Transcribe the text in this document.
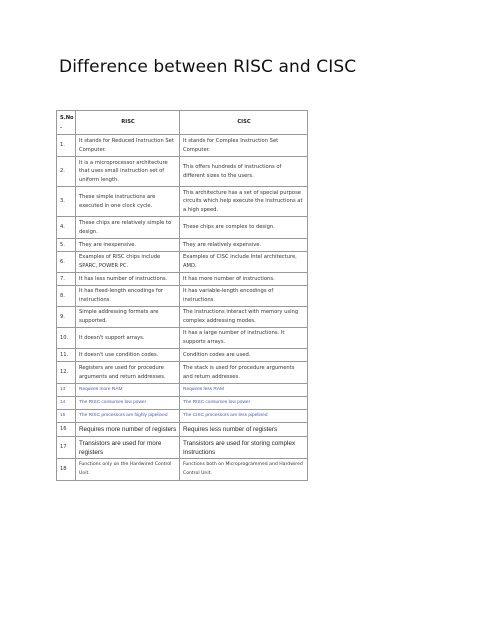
Difference between RISC and CISC
S.No .	RISC	CISC
1.	It stands for Reduced Instruction Set Computer.	It stands for Complex Instruction Set Computer.
2.	It is a microprocessor architecture that uses small instruction set of uniform length.	This offers hundreds of instructions of different sizes to the users.
3.	These simple instructions are executed in one clock cycle.	This architecture has a set of special purpose circuits which help execute the instructions at a high speed.
4.	These chips are relatively simple to design.	These chips are complex to design.
5.	They are inexpensive.	They are relatively expensive.
6.	Examples of RISC chips include SPARC, POWER PC.	Examples of CISC include Intel architecture, AMD.
7.	It has less number of instructions.	It has more number of instructions.
8.	It has fixed-length encodings for instructions.	It has variable-length encodings of instructions.
9.	Simple addressing formats are supported.	The instructions interact with memory using complex addressing modes.
10.	It doesn't support arrays.	It has a large number of instructions. It supports arrays.
11.	It doesn't use condition codes.	Condition codes are used.
12.	Registers are used for procedure arguments and return addresses.	The stack is used for procedure arguments and return addresses.
13	Requires more RAM	Requires less RAM
14	The RISC consumes low power	The RISC consumes low power
15	The RISC processors are highly pipelined	The CISC processors are less pipelined
16	Requires more number of registers	Requires less number of registers
17	Transistors are used for more registers	Transistors are used for storing complex Instructions
18	Functions only on the Hardwired Control Unit.	Functions both on Microprogrammed and Hardwired Control Unit.
